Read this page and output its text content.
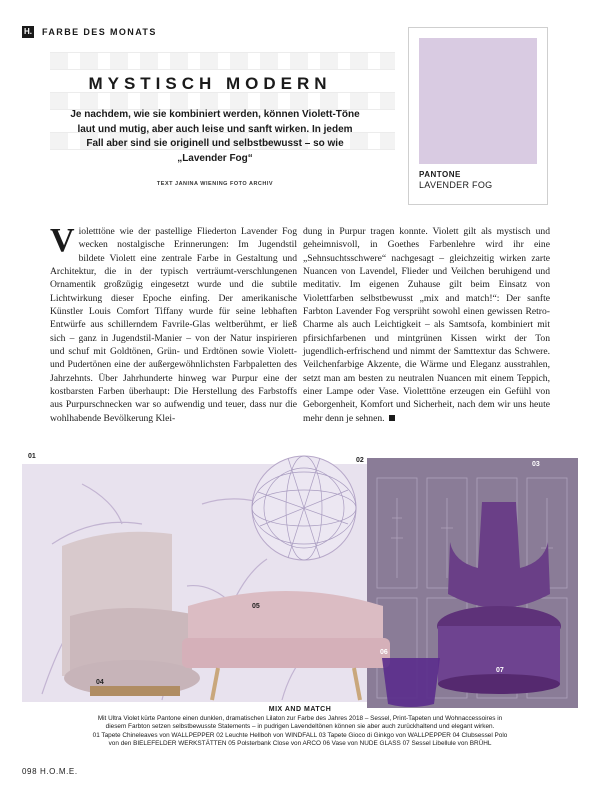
H. FARBE DES MONATS
PANTONE
LAVENDER FOG
MYSTISCH MODERN
Je nachdem, wie sie kombiniert werden, können Violett-Töne laut und mutig, aber auch leise und sanft wirken. In jedem Fall aber sind sie originell und selbstbewusst – so wie „Lavender Fog“
TEXT JANINA WIENING FOTO ARCHIV
Violetttöne wie der pastellige Fliederton Lavender Fog wecken nostalgische Erinnerungen: Im Jugendstil bildete Violett eine zentrale Farbe in Gestaltung und Architektur, die in der typisch verträumt-verschlungenen Ornamentik großzügig eingesetzt wurde und die subtile Lichtwirkung dieser Epoche einfing. Der amerikanische Künstler Louis Comfort Tiffany wurde für seine lebhaften Entwürfe aus schillerndem Favrile-Glas weltberühmt, er ließ sich – ganz in Jugendstil-Manier – von der Natur inspirieren und schuf mit Goldtönen, Grün- und Erdtönen sowie Violett- und Pudertönen eine der außergewöhnlichsten Farbpaletten des Jahrzehnts. Über Jahrhunderte hinweg war Purpur eine der kostbarsten Farben überhaupt: Die Herstellung des Farbstoffs aus Purpurschnecken war so aufwendig und teuer, dass nur die wohlhabende Bevölkerung Klei-
dung in Purpur tragen konnte. Violett gilt als mystisch und geheimnisvoll, in Goethes Farbenlehre wird ihr eine „Sehnsuchtsschwere“ nachgesagt – gleichzeitig wirken zarte Nuancen von Lavendel, Flieder und Veilchen beruhigend und meditativ. Im eigenen Zuhause gilt beim Einsatz von Violettfarben selbstbewusst „mix and match!“: Der sanfte Farbton Lavender Fog versprüht sowohl einen gewissen Retro-Charme als auch Leichtigkeit – als Samtsofa, kombiniert mit pfirsichfarbenen und mintgrünen Kissen wirkt der Ton jugendlich-erfrischend und nimmt der Samttextur das Schwere. Veilchenfarbige Akzente, die Wärme und Eleganz ausstrahlen, setzt man am besten zu neutralen Nuancen mit einem Teppich, einer Lampe oder Vase. Violetttöne erzeugen ein Gefühl von Geborgenheit, Komfort und Sicherheit, nach dem wir uns heute mehr denn je sehnen.
01
02
03
04
05
06
07
MIX AND MATCH
Mit Ultra Violet kürte Pantone einen dunklen, dramatischen Lilaton zur Farbe des Jahres 2018 – Sessel, Print-Tapeten und Wohnaccessoires in
diesem Farbton setzen selbstbewusste Statements – in pudrigen Lavendeltönen können sie aber auch zurückhaltend und elegant wirken.
01 Tapete Chineleaves von WALLPEPPER 02 Leuchte Hellboh von WINDFALL 03 Tapete Gioco di Ginkgo von WALLPEPPER 04 Clubsessel Polo
von den BIELEFELDER WERKSTÄTTEN 05 Polsterbank Close von ARCO 06 Vase von NUDE GLASS 07 Sessel Libellule von BRÜHL
098 H.O.M.E.
